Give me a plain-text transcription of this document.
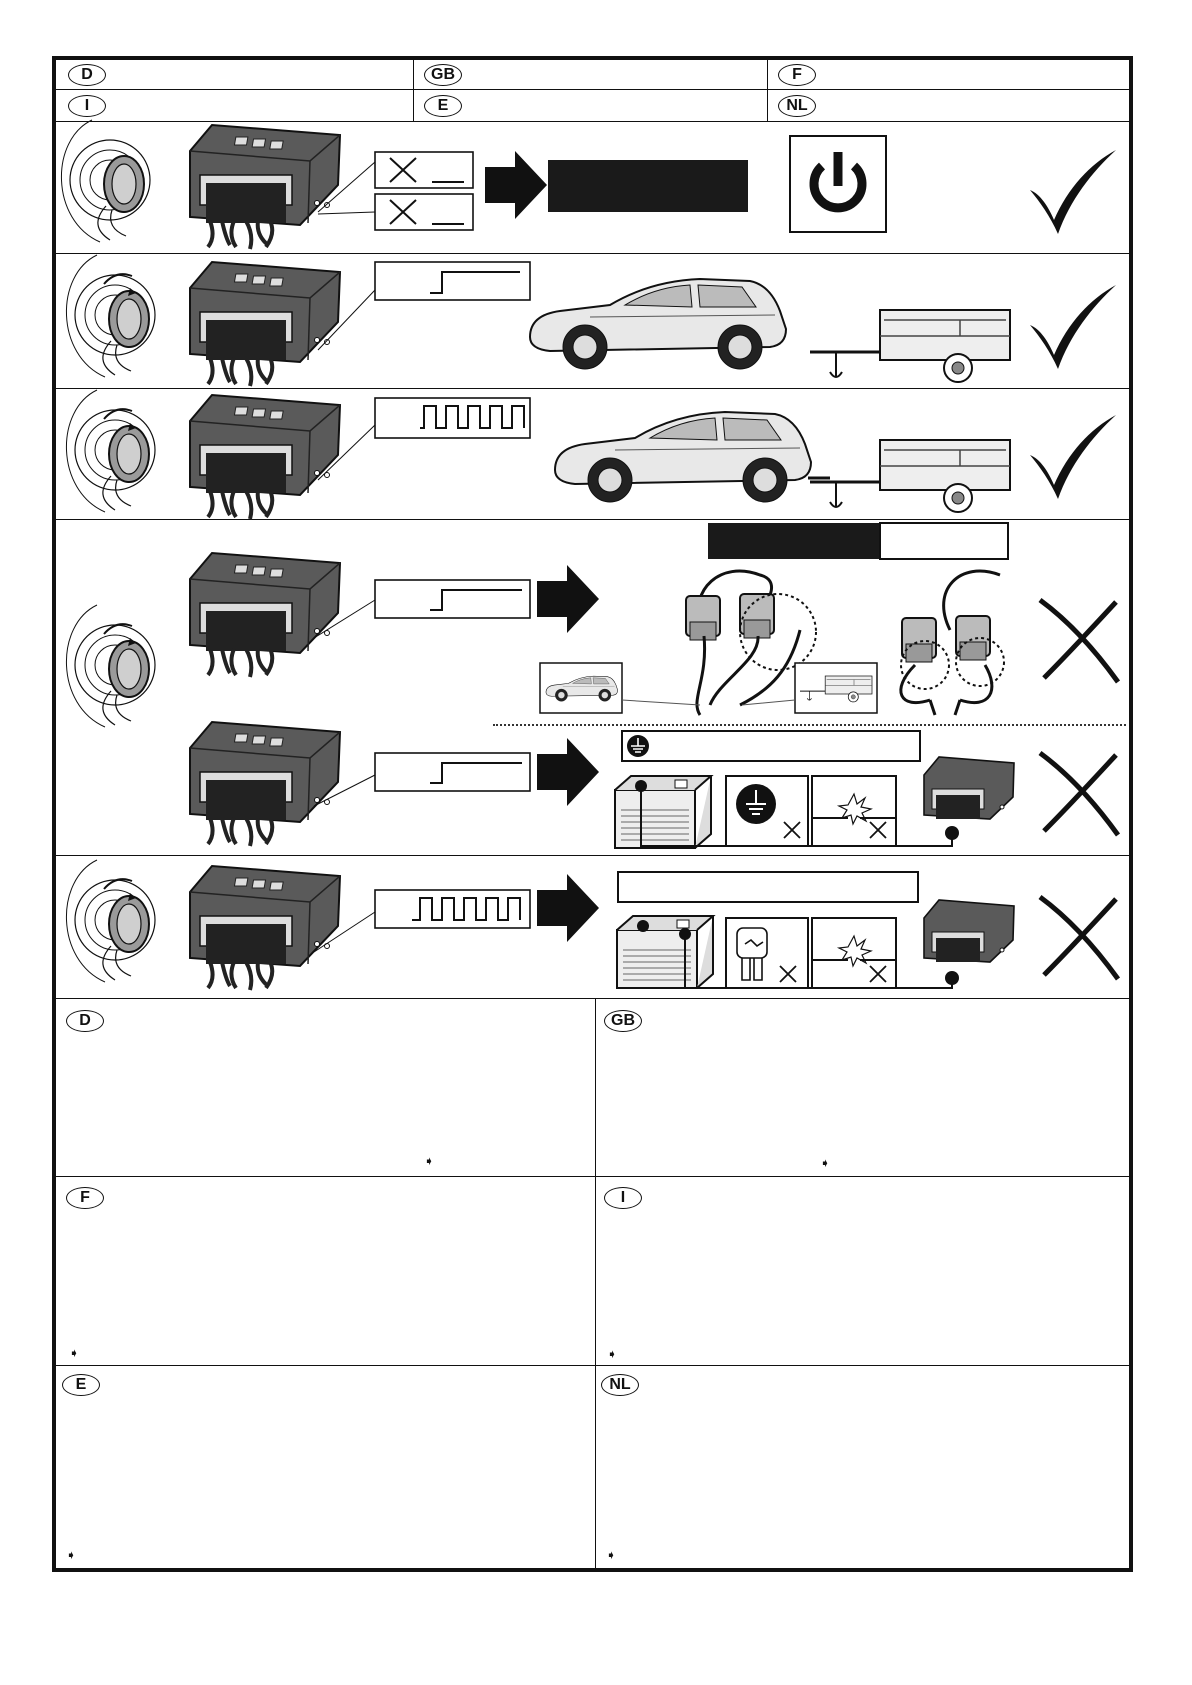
D	GB	F
I	E	NL
D
➧
GB
➧
F
➧
I
➧
E
➧
NL
➧
